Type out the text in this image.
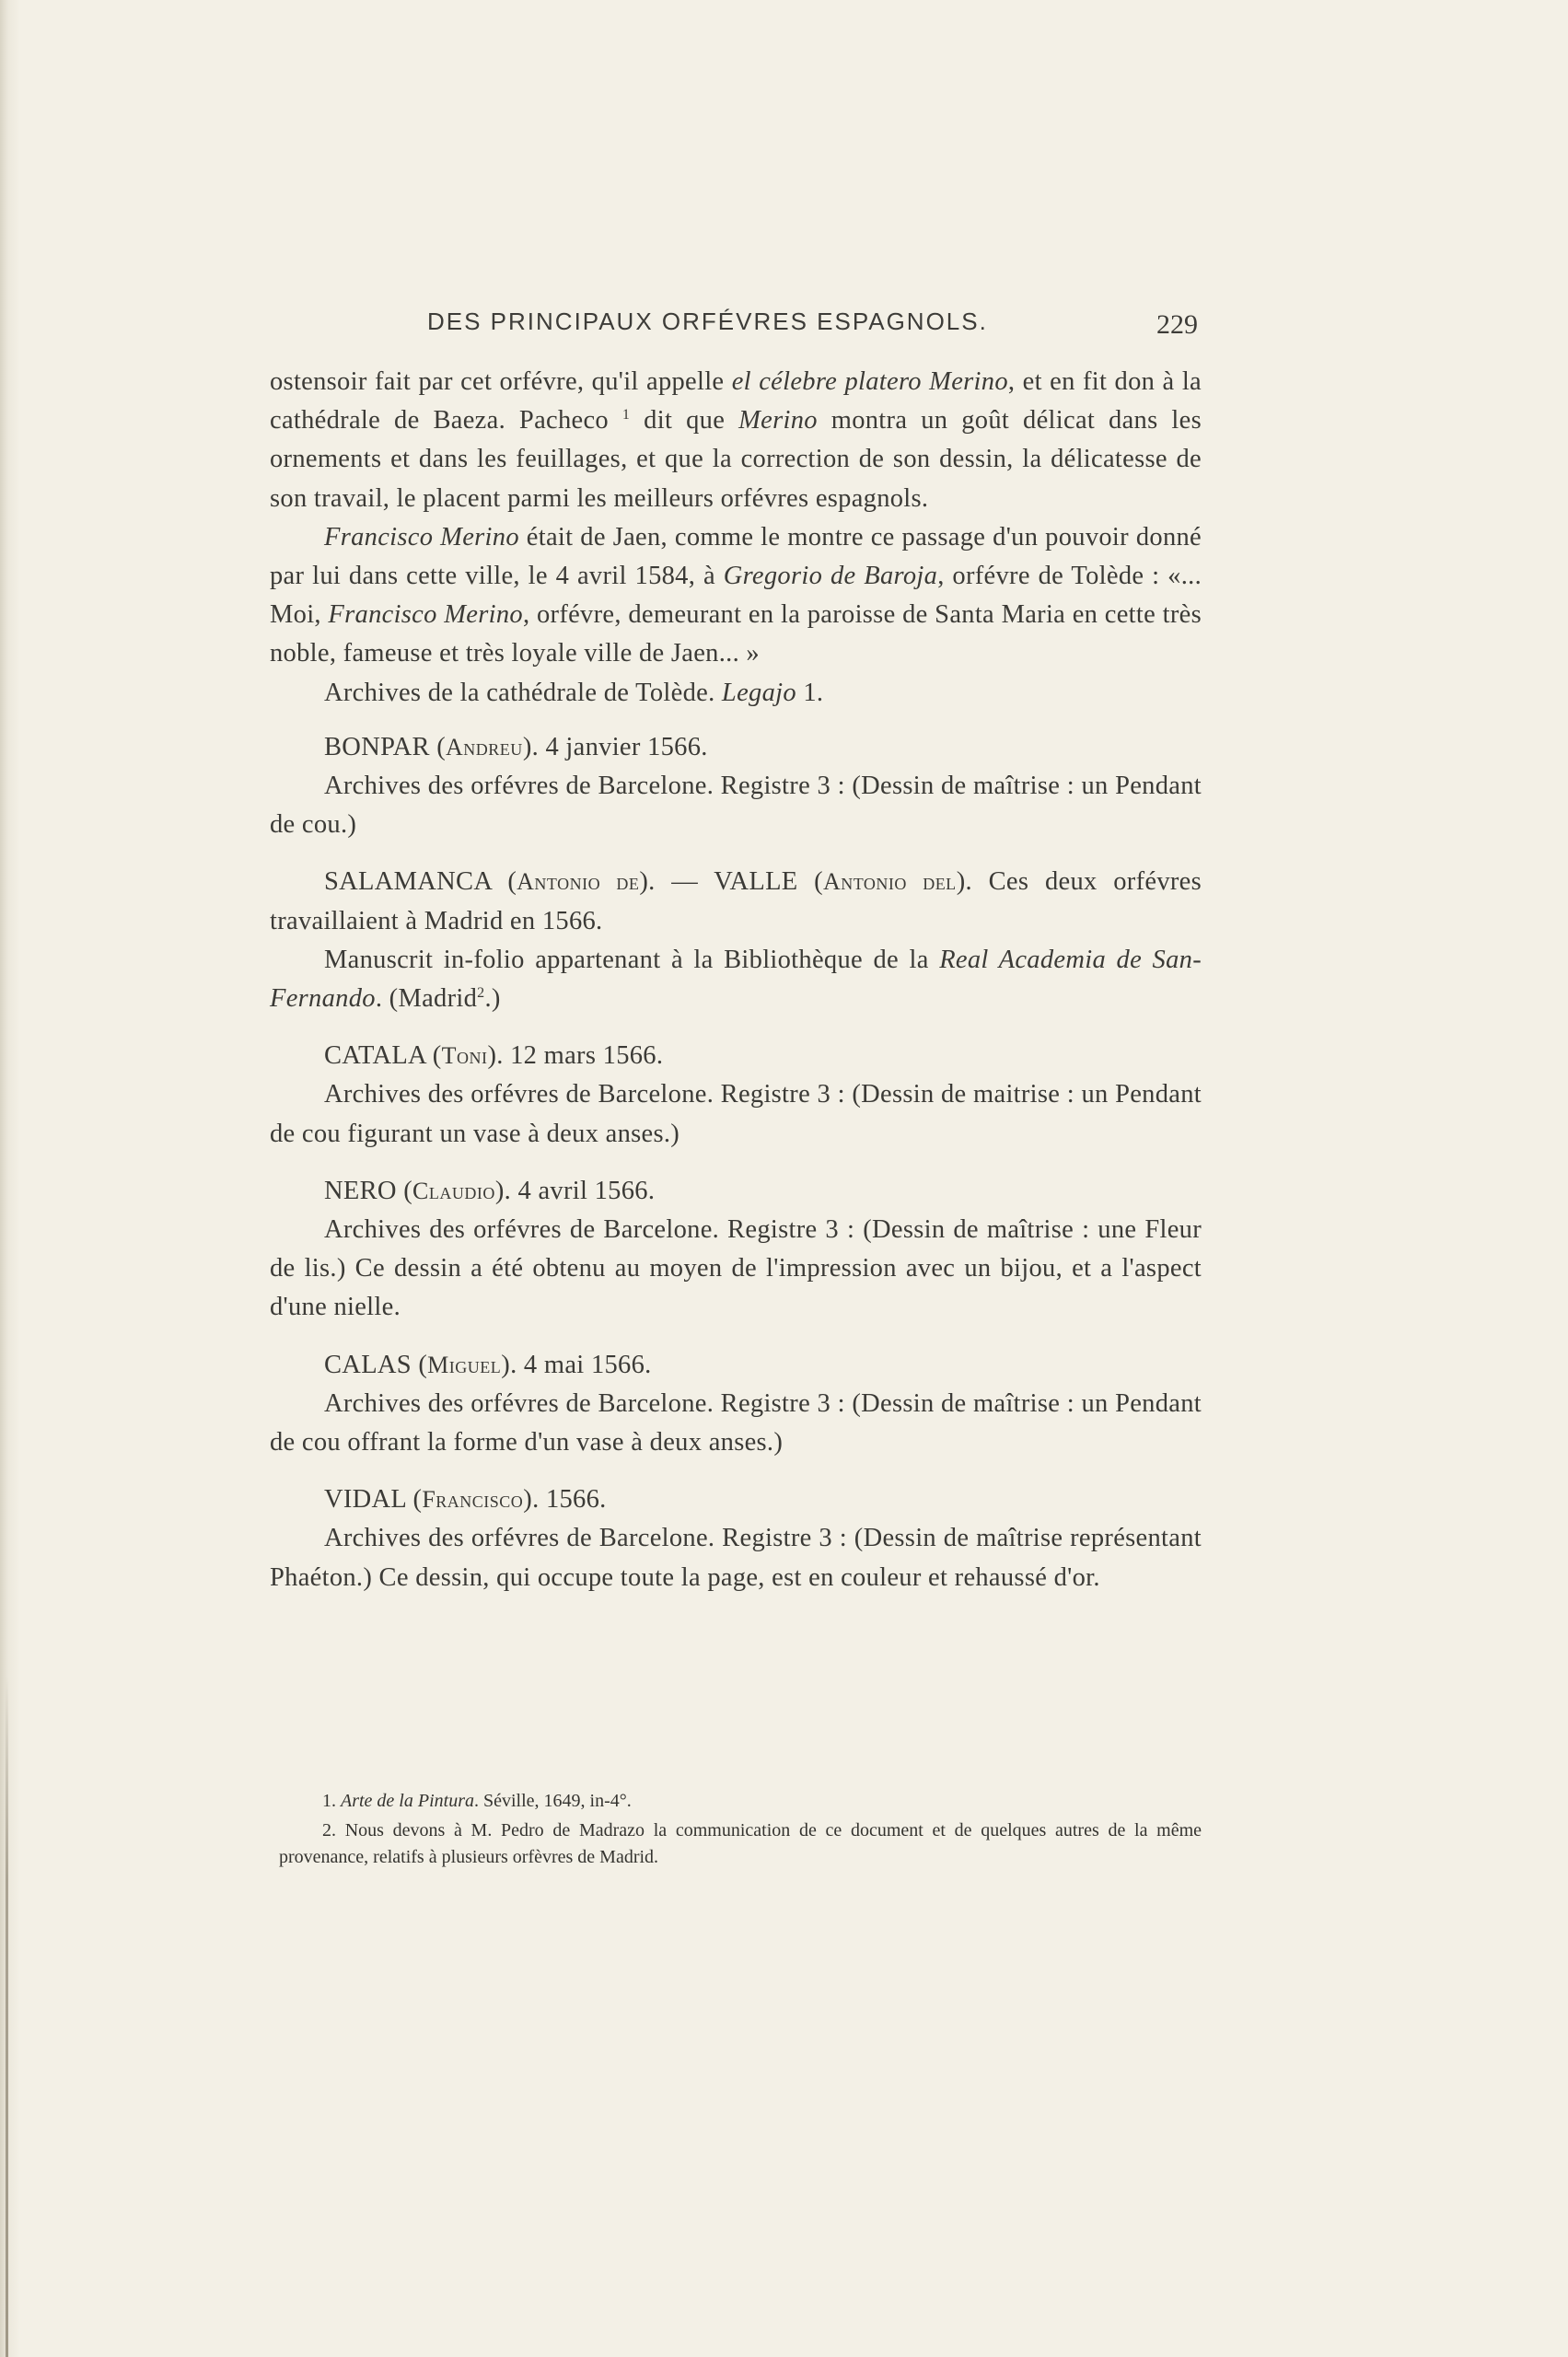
DES PRINCIPAUX ORFÉVRES ESPAGNOLS.	229

ostensoir fait par cet orfévre, qu'il appelle el célebre platero Merino, et en fit don à la cathédrale de Baeza. Pacheco $^1$ dit que Merino montra un goût délicat dans les ornements et dans les feuillages, et que la correction de son dessin, la délicatesse de son travail, le placent parmi les meilleurs orfévres espagnols.

Francisco Merino était de Jaen, comme le montre ce passage d'un pouvoir donné par lui dans cette ville, le 4 avril 1584, à Gregorio de Baroja, orfévre de Tolède : «... Moi, Francisco Merino, orfévre, demeurant en la paroisse de Santa Maria en cette très noble, fameuse et très loyale ville de Jaen... »

Archives de la cathédrale de Tolède. Legajo 1.

BONPAR (Andreu). 4 janvier 1566.

Archives des orfévres de Barcelone. Registre 3 : (Dessin de maîtrise : un Pendant de cou.)

SALAMANCA (Antonio de). — VALLE (Antonio del). Ces deux orfévres travaillaient à Madrid en 1566.

Manuscrit in-folio appartenant à la Bibliothèque de la Real Academia de San-Fernando. (Madrid$^2$.)

CATALA (Toni). 12 mars 1566.

Archives des orfévres de Barcelone. Registre 3 : (Dessin de maitrise : un Pendant de cou figurant un vase à deux anses.)

NERO (Claudio). 4 avril 1566.

Archives des orfévres de Barcelone. Registre 3 : (Dessin de maîtrise : une Fleur de lis.) Ce dessin a été obtenu au moyen de l'impression avec un bijou, et a l'aspect d'une nielle.

CALAS (Miguel). 4 mai 1566.

Archives des orfévres de Barcelone. Registre 3 : (Dessin de maîtrise : un Pendant de cou offrant la forme d'un vase à deux anses.)

VIDAL (Francisco). 1566.

Archives des orfévres de Barcelone. Registre 3 : (Dessin de maîtrise représentant Phaéton.) Ce dessin, qui occupe toute la page, est en couleur et rehaussé d'or.

1. Arte de la Pintura. Séville, 1649, in-4°.

2. Nous devons à M. Pedro de Madrazo la communication de ce document et de quelques autres de la même provenance, relatifs à plusieurs orfèvres de Madrid.
